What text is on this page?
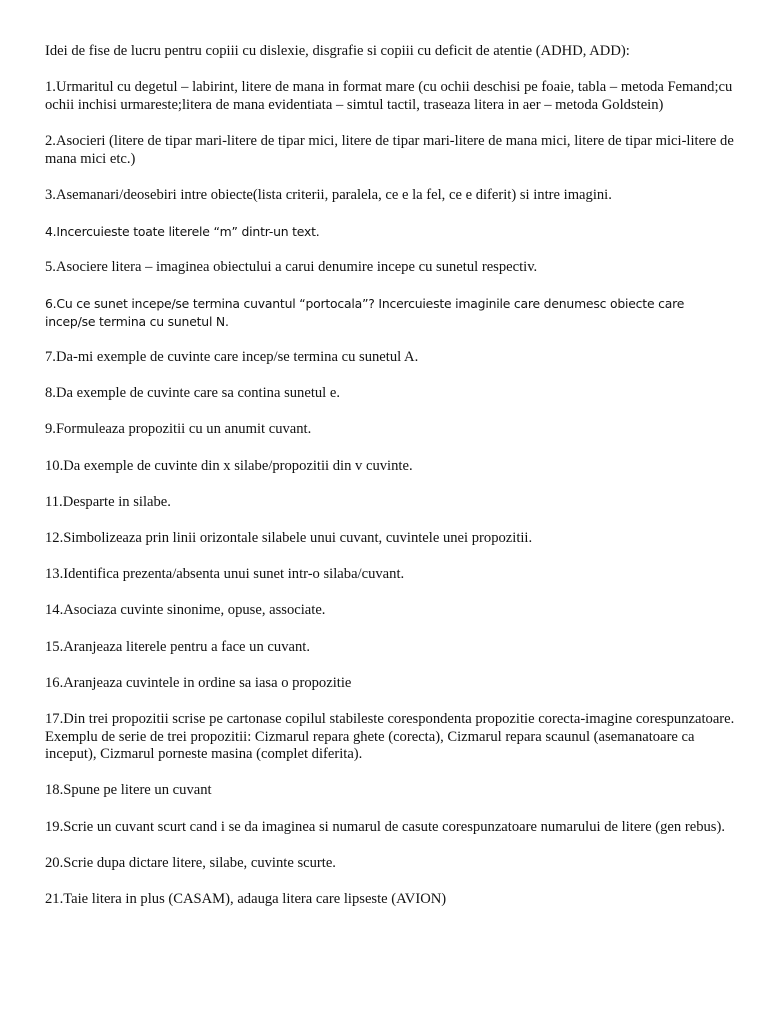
Idei de fise de lucru pentru copiii cu dislexie, disgrafie si copiii cu deficit de atentie (ADHD, ADD):

1.Urmaritul cu degetul – labirint, litere de mana in format mare (cu ochii deschisi pe foaie, tabla – metoda Femand;cu ochii inchisi urmareste;litera de mana evidentiata – simtul tactil, traseaza litera in aer – metoda Goldstein)

2.Asocieri (litere de tipar mari-litere de tipar mici, litere de tipar mari-litere de mana mici, litere de tipar mici-litere de mana mici etc.)

3.Asemanari/deosebiri intre obiecte(lista criterii, paralela, ce e la fel, ce e diferit) si intre imagini.

4.Incercuieste toate literele “m” dintr-un text.

5.Asociere litera – imaginea obiectului a carui denumire incepe cu sunetul respectiv.

6.Cu ce sunet incepe/se termina cuvantul “portocala”? Incercuieste imaginile care denumesc obiecte care incep/se termina cu sunetul N.

7.Da-mi exemple de cuvinte care incep/se termina cu sunetul A.

8.Da exemple de cuvinte care sa contina sunetul e.

9.Formuleaza propozitii cu un anumit cuvant.

10.Da exemple de cuvinte din x silabe/propozitii din v cuvinte.

11.Desparte in silabe.

12.Simbolizeaza prin linii orizontale silabele unui cuvant, cuvintele unei propozitii.

13.Identifica prezenta/absenta unui sunet intr-o silaba/cuvant.

14.Asociaza cuvinte sinonime, opuse, associate.

15.Aranjeaza literele pentru a face un cuvant.

16.Aranjeaza cuvintele in ordine sa iasa o propozitie

17.Din trei propozitii scrise pe cartonase copilul stabileste corespondenta propozitie corecta-imagine corespunzatoare. Exemplu de serie de trei propozitii: Cizmarul repara ghete (corecta), Cizmarul repara scaunul (asemanatoare ca inceput), Cizmarul porneste masina (complet diferita).

18.Spune pe litere un cuvant

19.Scrie un cuvant scurt cand i se da imaginea si numarul de casute corespunzatoare numarului de litere (gen rebus).

20.Scrie dupa dictare litere, silabe, cuvinte scurte.

21.Taie litera in plus (CASAM), adauga litera care lipseste (AVION)
